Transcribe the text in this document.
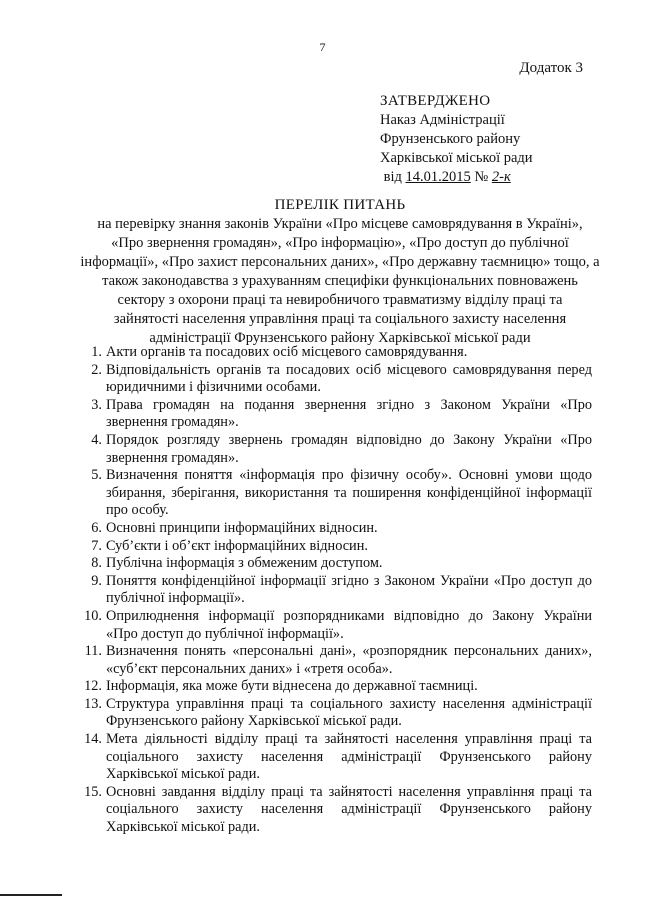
7
Додаток 3
ЗАТВЕРДЖЕНО
Наказ Адміністрації
Фрунзенського району
Харківської міської ради
від 14.01.2015 № 2-к
ПЕРЕЛІК ПИТАНЬ
на перевірку знання законів України «Про місцеве самоврядування в Україні»,
«Про звернення громадян», «Про інформацію», «Про доступ до публічної
інформації», «Про захист персональних даних», «Про державну таємницю» тощо, а
також законодавства з урахуванням специфіки функціональних повноважень
сектору з охорони праці та невиробничого травматизму відділу праці та
зайнятості населення управління праці та соціального захисту населення
адміністрації Фрунзенського району Харківської міської ради
1. Акти органів та посадових осіб місцевого самоврядування.
2. Відповідальність органів та посадових осіб місцевого самоврядування перед юридичними і фізичними особами.
3. Права громадян на подання звернення згідно з Законом України «Про звернення громадян».
4. Порядок розгляду звернень громадян відповідно до Закону України «Про звернення громадян».
5. Визначення поняття «інформація про фізичну особу». Основні умови щодо збирання, зберігання, використання та поширення конфіденційної інформації про особу.
6. Основні принципи інформаційних відносин.
7. Суб’єкти і об’єкт інформаційних відносин.
8. Публічна інформація з обмеженим доступом.
9. Поняття конфіденційної інформації згідно з Законом України «Про доступ до публічної інформації».
10. Оприлюднення інформації розпорядниками відповідно до Закону України «Про доступ до публічної інформації».
11. Визначення понять «персональні дані», «розпорядник персональних даних», «суб’єкт персональних даних» і «третя особа».
12. Інформація, яка може бути віднесена до державної таємниці.
13. Структура управління праці та соціального захисту населення адміністрації Фрунзенського району Харківської міської ради.
14. Мета діяльності відділу праці та зайнятості населення управління праці та соціального захисту населення адміністрації Фрунзенського району Харківської міської ради.
15. Основні завдання відділу праці та зайнятості населення управління праці та соціального захисту населення адміністрації Фрунзенського району Харківської міської ради.
